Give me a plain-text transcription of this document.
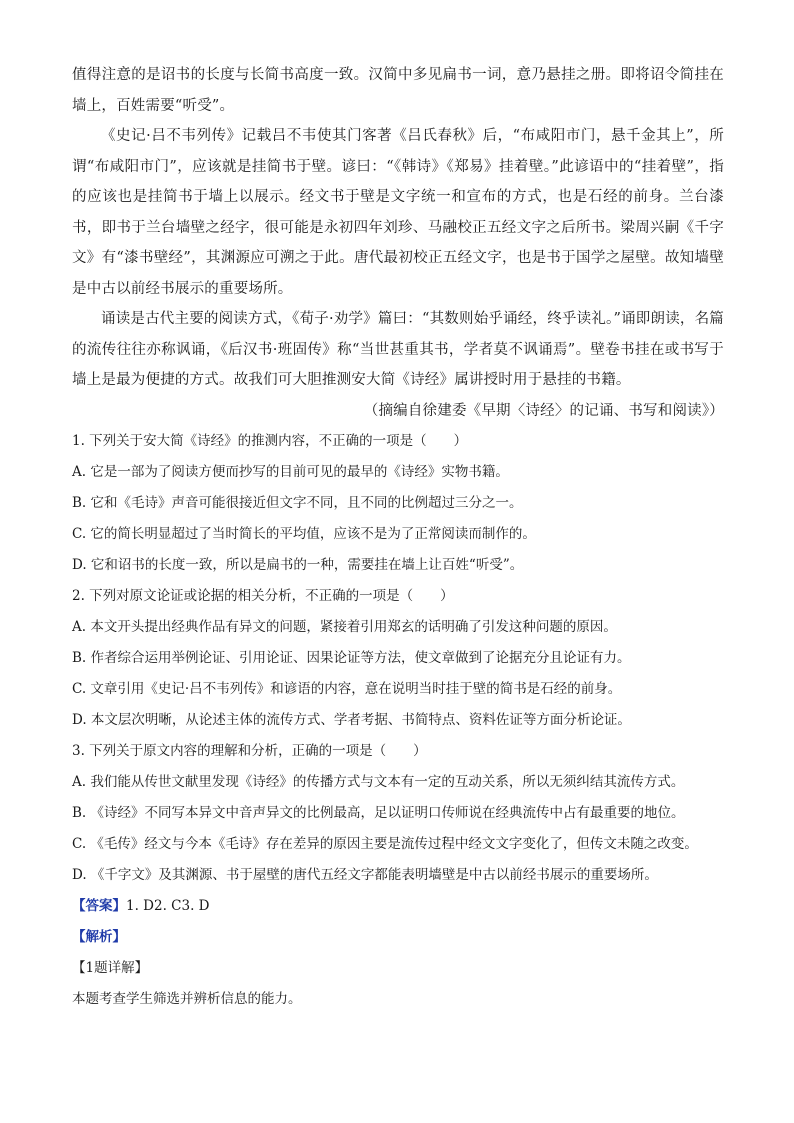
值得注意的是诏书的长度与长简书高度一致。汉简中多见扁书一词，意乃悬挂之册。即将诏令简挂在墙上，百姓需要“听受”。

《史记·吕不韦列传》记载吕不韦使其门客著《吕氏春秋》后，“布咸阳市门，悬千金其上”，所谓“布咸阳市门”，应该就是挂简书于壁。谚曰：“《韩诗》《郑易》挂着壁。”此谚语中的“挂着壁”，指的应该也是挂简书于墙上以展示。经文书于壁是文字统一和宣布的方式，也是石经的前身。兰台漆书，即书于兰台墙壁之经字，很可能是永初四年刘珍、马融校正五经文字之后所书。梁周兴嗣《千字文》有“漆书壁经”，其渊源应可溯之于此。唐代最初校正五经文字，也是书于国学之屋壁。故知墙壁是中古以前经书展示的重要场所。

诵读是古代主要的阅读方式，《荀子·劝学》篇曰：“其数则始乎诵经，终乎读礼。”诵即朗读，名篇的流传往往亦称讽诵，《后汉书·班固传》称“当世甚重其书，学者莫不讽诵焉”。壁卷书挂在或书写于墙上是最为便捷的方式。故我们可大胆推测安大简《诗经》属讲授时用于悬挂的书籍。

（摘编自徐建委《早期〈诗经〉的记诵、书写和阅读》）

1. 下列关于安大简《诗经》的推测内容，不正确的一项是（　　）

A. 它是一部为了阅读方便而抄写的目前可见的最早的《诗经》实物书籍。

B. 它和《毛诗》声音可能很接近但文字不同，且不同的比例超过三分之一。

C. 它的简长明显超过了当时简长的平均值，应该不是为了正常阅读而制作的。

D. 它和诏书的长度一致，所以是扁书的一种，需要挂在墙上让百姓“听受”。

2. 下列对原文论证或论据的相关分析，不正确的一项是（　　）

A. 本文开头提出经典作品有异文的问题，紧接着引用郑玄的话明确了引发这种问题的原因。

B. 作者综合运用举例论证、引用论证、因果论证等方法，使文章做到了论据充分且论证有力。

C. 文章引用《史记·吕不韦列传》和谚语的内容，意在说明当时挂于壁的简书是石经的前身。

D. 本文层次明晰，从论述主体的流传方式、学者考据、书简特点、资料佐证等方面分析论证。

3. 下列关于原文内容的理解和分析，正确的一项是（　　）

A. 我们能从传世文献里发现《诗经》的传播方式与文本有一定的互动关系，所以无须纠结其流传方式。

B. 《诗经》不同写本异文中音声异文的比例最高，足以证明口传师说在经典流传中占有最重要的地位。

C. 《毛传》经文与今本《毛诗》存在差异的原因主要是流传过程中经文文字变化了，但传文未随之改变。

D. 《千字文》及其渊源、书于屋壁的唐代五经文字都能表明墙壁是中古以前经书展示的重要场所。

【答案】1. D2. C3. D

【解析】

【1题详解】

本题考查学生筛选并辨析信息的能力。
